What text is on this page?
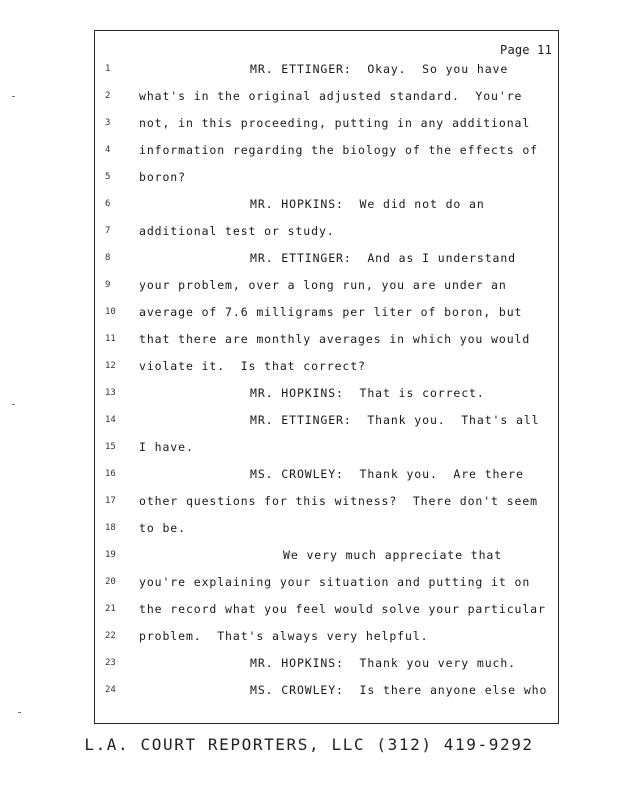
Page 11
1	MR. ETTINGER:  Okay.  So you have
2	what's in the original adjusted standard.  You're
3	not, in this proceeding, putting in any additional
4	information regarding the biology of the effects of
5	boron?
6	MR. HOPKINS:  We did not do an
7	additional test or study.
8	MR. ETTINGER:  And as I understand
9	your problem, over a long run, you are under an
10	average of 7.6 milligrams per liter of boron, but
11	that there are monthly averages in which you would
12	violate it.  Is that correct?
13	MR. HOPKINS:  That is correct.
14	MR. ETTINGER:  Thank you.  That's all
15	I have.
16	MS. CROWLEY:  Thank you.  Are there
17	other questions for this witness?  There don't seem
18	to be.
19	We very much appreciate that
20	you're explaining your situation and putting it on
21	the record what you feel would solve your particular
22	problem.  That's always very helpful.
23	MR. HOPKINS:  Thank you very much.
24	MS. CROWLEY:  Is there anyone else who
L.A. COURT REPORTERS, LLC (312) 419-9292
